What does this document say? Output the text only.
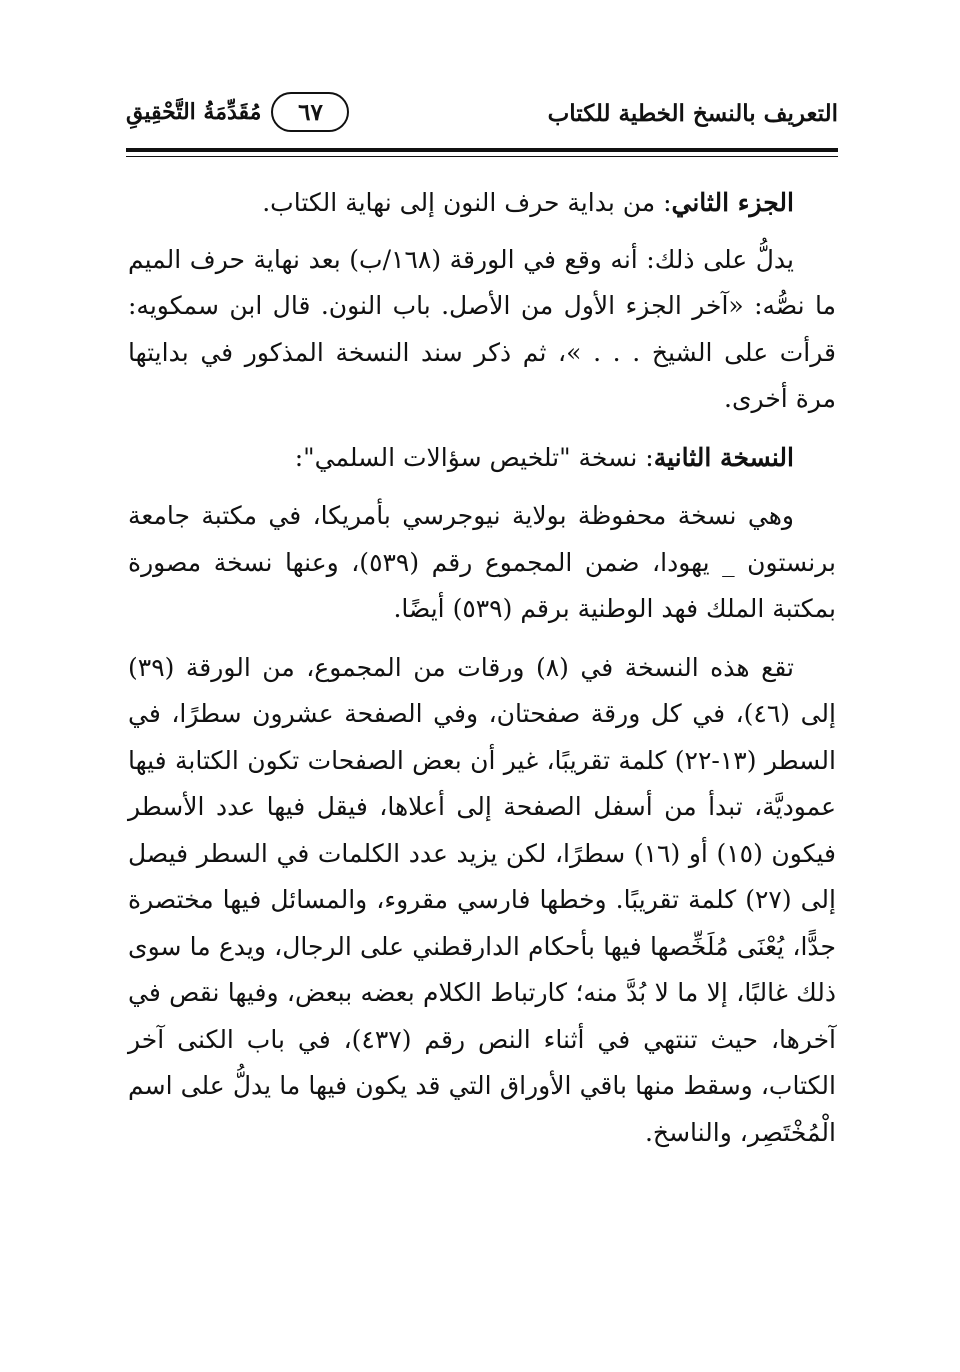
التعريف بالنسخ الخطية للكتاب
مُقَدِّمَةُ التَّحْقِيقِ	٦٧

الجزء الثاني: من بداية حرف النون إلى نهاية الكتاب.

يدلُّ على ذلك: أنه وقع في الورقة (١٦٨/ب) بعد نهاية حرف الميم ما نصُّه: «آخر الجزء الأول من الأصل. باب النون. قال ابن سمكويه: قرأت على الشيخ . . . »، ثم ذكر سند النسخة المذكور في بدايتها مرة أخرى.

النسخة الثانية: نسخة "تلخيص سؤالات السلمي":

وهي نسخة محفوظة بولاية نيوجرسي بأمريكا، في مكتبة جامعة برنستون _ يهودا، ضمن المجموع رقم (٥٣٩)، وعنها نسخة مصورة بمكتبة الملك فهد الوطنية برقم (٥٣٩) أيضًا.

تقع هذه النسخة في (٨) ورقات من المجموع، من الورقة (٣٩) إلى (٤٦)، في كل ورقة صفحتان، وفي الصفحة عشرون سطرًا، في السطر (١٣-٢٢) كلمة تقريبًا، غير أن بعض الصفحات تكون الكتابة فيها عموديَّة، تبدأ من أسفل الصفحة إلى أعلاها، فيقل فيها عدد الأسطر فيكون (١٥) أو (١٦) سطرًا، لكن يزيد عدد الكلمات في السطر فيصل إلى (٢٧) كلمة تقريبًا. وخطها فارسي مقروء، والمسائل فيها مختصرة جدًّا، يُعْنَى مُلَخِّصها فيها بأحكام الدارقطني على الرجال، ويدع ما سوى ذلك غالبًا، إلا ما لا بُدَّ منه؛ كارتباط الكلام بعضه ببعض، وفيها نقص في آخرها، حيث تنتهي في أثناء النص رقم (٤٣٧)، في باب الكنى آخر الكتاب، وسقط منها باقي الأوراق التي قد يكون فيها ما يدلُّ على اسم الْمُخْتَصِر، والناسخ.
